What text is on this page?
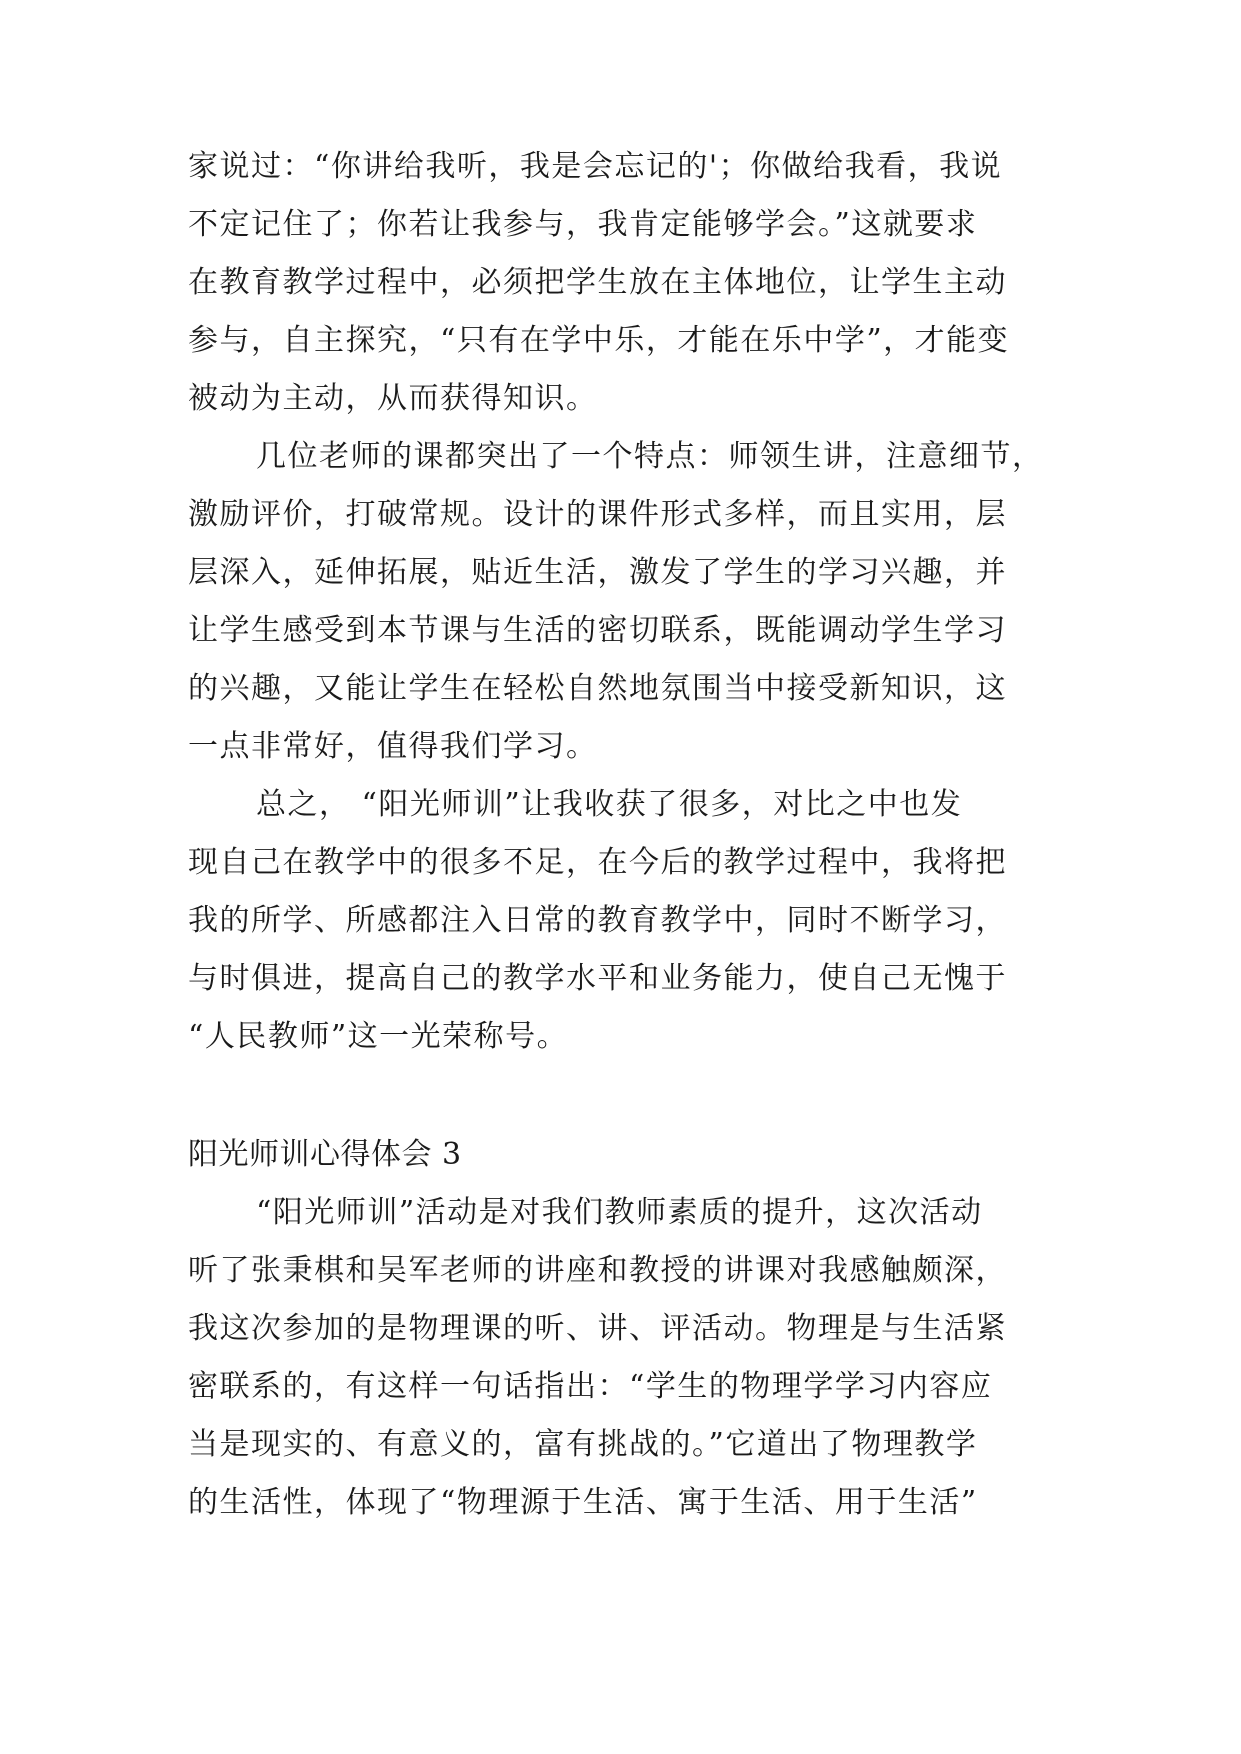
家说过：“你讲给我听，我是会忘记的'；你做给我看，我说
不定记住了；你若让我参与，我肯定能够学会。”这就要求
在教育教学过程中，必须把学生放在主体地位，让学生主动
参与，自主探究，“只有在学中乐，才能在乐中学”，才能变
被动为主动，从而获得知识。
几位老师的课都突出了一个特点：师领生讲，注意细节，
激励评价，打破常规。设计的课件形式多样，而且实用，层
层深入，延伸拓展，贴近生活，激发了学生的学习兴趣，并
让学生感受到本节课与生活的密切联系，既能调动学生学习
的兴趣，又能让学生在轻松自然地氛围当中接受新知识，这
一点非常好，值得我们学习。
总之， “阳光师训”让我收获了很多，对比之中也发
现自己在教学中的很多不足，在今后的教学过程中，我将把
我的所学、所感都注入日常的教育教学中，同时不断学习，
与时俱进，提高自己的教学水平和业务能力，使自己无愧于
“人民教师”这一光荣称号。
阳光师训心得体会 3
“阳光师训”活动是对我们教师素质的提升，这次活动
听了张秉棋和吴军老师的讲座和教授的讲课对我感触颇深，
我这次参加的是物理课的听、讲、评活动。物理是与生活紧
密联系的，有这样一句话指出：“学生的物理学学习内容应
当是现实的、有意义的，富有挑战的。”它道出了物理教学
的生活性，体现了“物理源于生活、寓于生活、用于生活”
